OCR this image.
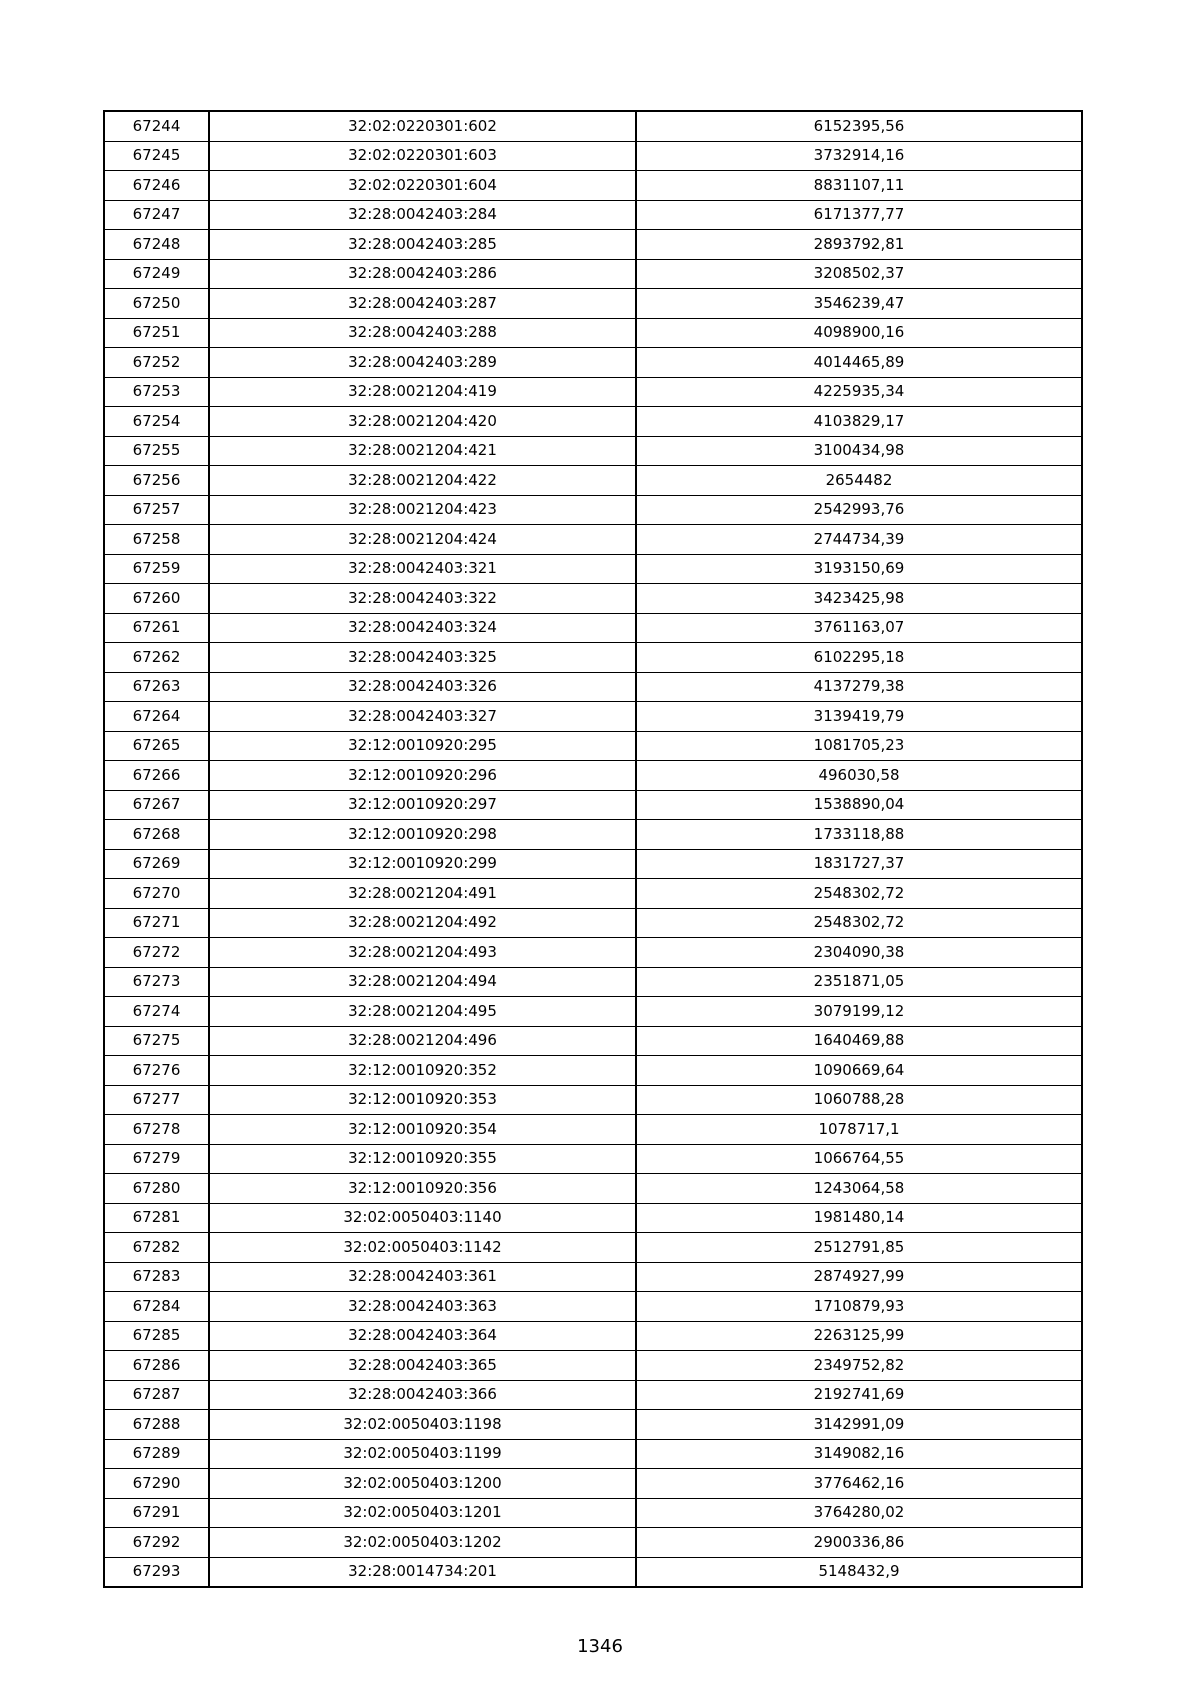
67244	32:02:0220301:602	6152395,56
67245	32:02:0220301:603	3732914,16
67246	32:02:0220301:604	8831107,11
67247	32:28:0042403:284	6171377,77
67248	32:28:0042403:285	2893792,81
67249	32:28:0042403:286	3208502,37
67250	32:28:0042403:287	3546239,47
67251	32:28:0042403:288	4098900,16
67252	32:28:0042403:289	4014465,89
67253	32:28:0021204:419	4225935,34
67254	32:28:0021204:420	4103829,17
67255	32:28:0021204:421	3100434,98
67256	32:28:0021204:422	2654482
67257	32:28:0021204:423	2542993,76
67258	32:28:0021204:424	2744734,39
67259	32:28:0042403:321	3193150,69
67260	32:28:0042403:322	3423425,98
67261	32:28:0042403:324	3761163,07
67262	32:28:0042403:325	6102295,18
67263	32:28:0042403:326	4137279,38
67264	32:28:0042403:327	3139419,79
67265	32:12:0010920:295	1081705,23
67266	32:12:0010920:296	496030,58
67267	32:12:0010920:297	1538890,04
67268	32:12:0010920:298	1733118,88
67269	32:12:0010920:299	1831727,37
67270	32:28:0021204:491	2548302,72
67271	32:28:0021204:492	2548302,72
67272	32:28:0021204:493	2304090,38
67273	32:28:0021204:494	2351871,05
67274	32:28:0021204:495	3079199,12
67275	32:28:0021204:496	1640469,88
67276	32:12:0010920:352	1090669,64
67277	32:12:0010920:353	1060788,28
67278	32:12:0010920:354	1078717,1
67279	32:12:0010920:355	1066764,55
67280	32:12:0010920:356	1243064,58
67281	32:02:0050403:1140	1981480,14
67282	32:02:0050403:1142	2512791,85
67283	32:28:0042403:361	2874927,99
67284	32:28:0042403:363	1710879,93
67285	32:28:0042403:364	2263125,99
67286	32:28:0042403:365	2349752,82
67287	32:28:0042403:366	2192741,69
67288	32:02:0050403:1198	3142991,09
67289	32:02:0050403:1199	3149082,16
67290	32:02:0050403:1200	3776462,16
67291	32:02:0050403:1201	3764280,02
67292	32:02:0050403:1202	2900336,86
67293	32:28:0014734:201	5148432,9
1346
